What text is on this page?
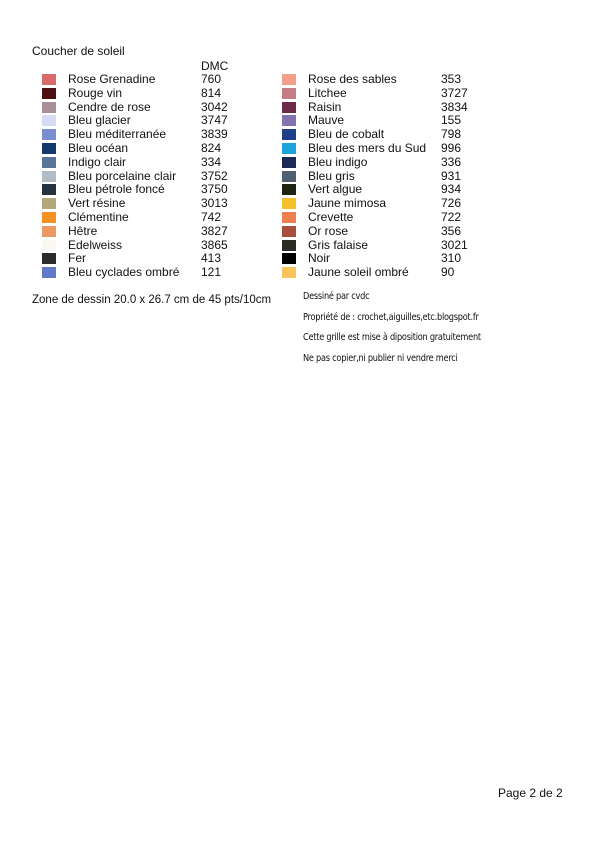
Coucher de soleil
DMC
Rose Grenadine	760
Rouge vin	814
Cendre de rose	3042
Bleu glacier	3747
Bleu méditerranée	3839
Bleu océan	824
Indigo clair	334
Bleu porcelaine clair 3752
Bleu pétrole foncé	3750
Vert résine	3013
Clémentine	742
Hêtre	3827
Edelweiss	3865
Fer	413
Bleu cyclades ombré 121
Rose des sables	353
Litchee	3727
Raisin	3834
Mauve	155
Bleu de cobalt	798
Bleu des mers du Sud 996
Bleu indigo	336
Bleu gris	931
Vert algue	934
Jaune mimosa	726
Crevette	722
Or rose	356
Gris falaise	3021
Noir	310
Jaune soleil ombré	90
Zone de dessin 20.0 x 26.7 cm de 45 pts/10cm	Dessiné par cvdc
Propriété de : crochet,aiguilles,etc.blogspot.fr
Cette grille est mise à diposition gratuitement
Ne pas copier,ni publier ni vendre merci
Page 2 de 2
